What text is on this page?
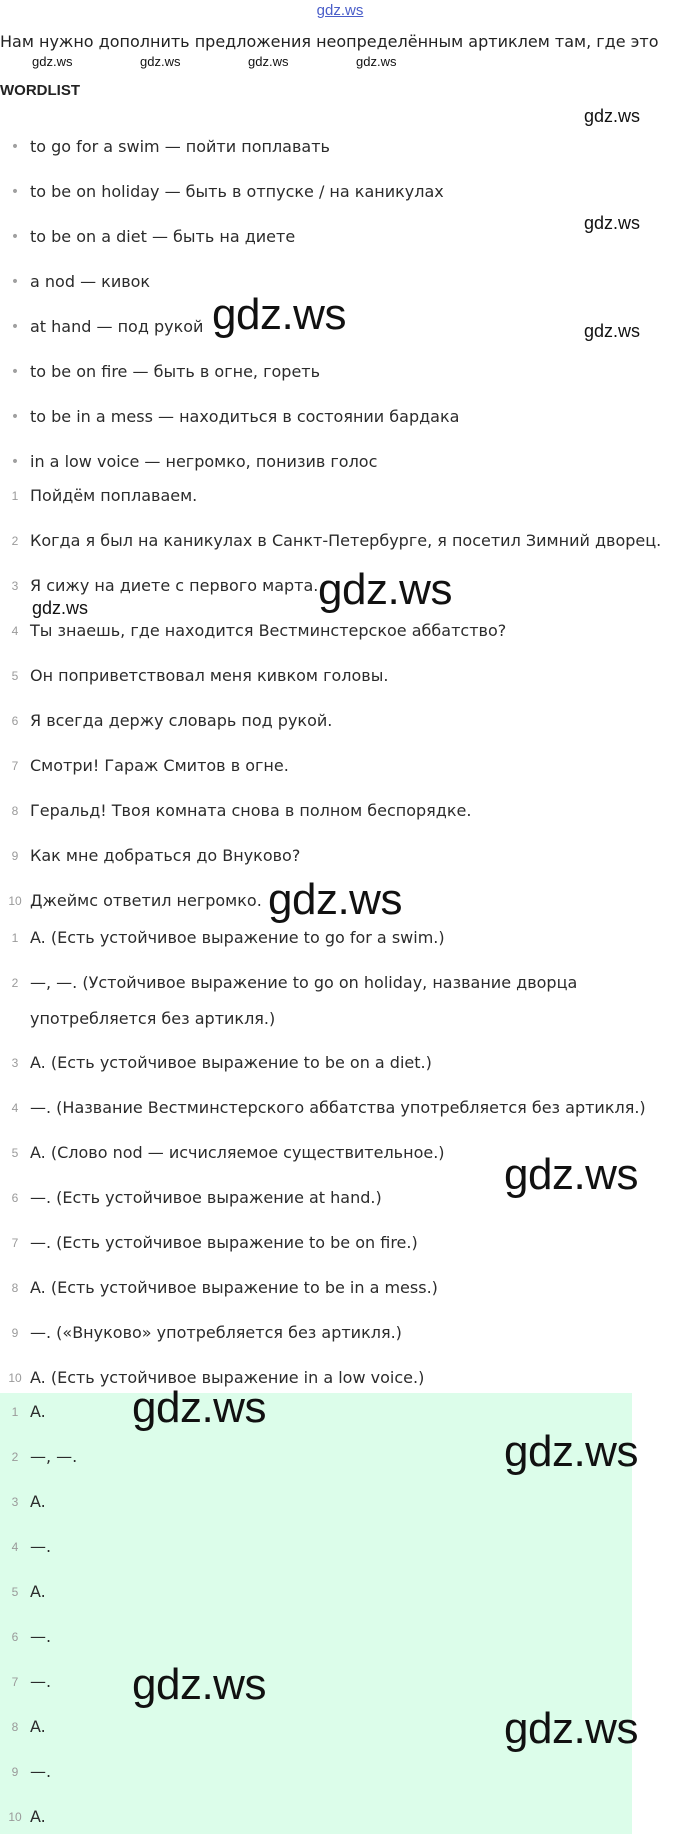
gdz.ws
Нам нужно дополнить предложения неопределённым артиклем там, где это
gdz.ws	gdz.ws	gdz.ws	gdz.ws
WORDLIST
• to go for a swim — пойти поплавать
• to be on holiday — быть в отпуске / на каникулах
• to be on a diet — быть на диете
• a nod — кивок
• at hand — под рукой
• to be on fire — быть в огне, гореть
• to be in a mess — находиться в состоянии бардака
• in a low voice — негромко, понизив голос
1 Пойдём поплаваем.
2 Когда я был на каникулах в Санкт-Петербурге, я посетил Зимний дворец.
3 Я сижу на диете с первого марта.
4 Ты знаешь, где находится Вестминстерское аббатство?
5 Он поприветствовал меня кивком головы.
6 Я всегда держу словарь под рукой.
7 Смотри! Гараж Смитов в огне.
8 Геральд! Твоя комната снова в полном беспорядке.
9 Как мне добраться до Внуково?
10 Джеймс ответил негромко.
1 A. (Есть устойчивое выражение to go for a swim.)
2 —, —. (Устойчивое выражение to go on holiday, название дворца
употребляется без артикля.)
3 A. (Есть устойчивое выражение to be on a diet.)
4 —. (Название Вестминстерского аббатства употребляется без артикля.)
5 A. (Слово nod — исчисляемое существительное.)
6 —. (Есть устойчивое выражение at hand.)
7 —. (Есть устойчивое выражение to be on fire.)
8 A. (Есть устойчивое выражение to be in a mess.)
9 —. («Внуково» употребляется без артикля.)
10 A. (Есть устойчивое выражение in a low voice.)
1 A.
2 —, —.
3 A.
4 —.
5 A.
6 —.
7 —.
8 A.
9 —.
10 A.
gdz.ws
gdz.ws
gdz.ws
gdz.ws
gdz.ws
gdz.ws
gdz.ws
gdz.ws
gdz.ws
gdz.ws
gdz.ws
gdz.ws
